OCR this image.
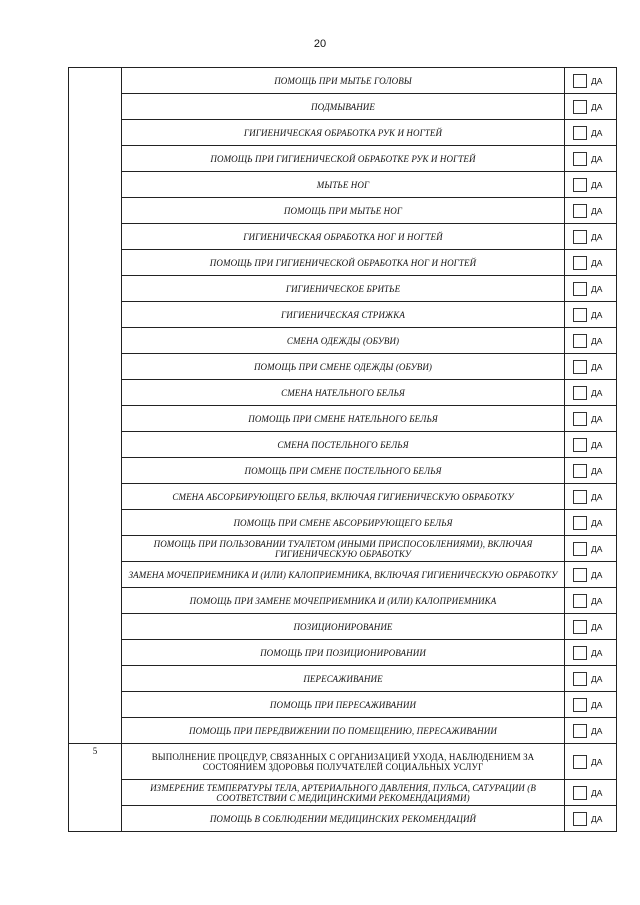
20
	ПОМОЩЬ ПРИ МЫТЬЕ ГОЛОВЫ	ДА

	ПОДМЫВАНИЕ	ДА

	ГИГИЕНИЧЕСКАЯ ОБРАБОТКА РУК И НОГТЕЙ	ДА

	ПОМОЩЬ ПРИ ГИГИЕНИЧЕСКОЙ ОБРАБОТКЕ РУК И НОГТЕЙ	ДА

	МЫТЬЕ НОГ	ДА

	ПОМОЩЬ ПРИ МЫТЬЕ НОГ	ДА

	ГИГИЕНИЧЕСКАЯ ОБРАБОТКА НОГ И НОГТЕЙ	ДА

	ПОМОЩЬ ПРИ ГИГИЕНИЧЕСКОЙ ОБРАБОТКА НОГ И НОГТЕЙ	ДА

	ГИГИЕНИЧЕСКОЕ БРИТЬЕ	ДА

	ГИГИЕНИЧЕСКАЯ СТРИЖКА	ДА

	СМЕНА ОДЕЖДЫ (ОБУВИ)	ДА

	ПОМОЩЬ ПРИ СМЕНЕ ОДЕЖДЫ (ОБУВИ)	ДА

	СМЕНА НАТЕЛЬНОГО БЕЛЬЯ	ДА

	ПОМОЩЬ ПРИ СМЕНЕ НАТЕЛЬНОГО БЕЛЬЯ	ДА

	СМЕНА ПОСТЕЛЬНОГО БЕЛЬЯ	ДА

	ПОМОЩЬ ПРИ СМЕНЕ ПОСТЕЛЬНОГО БЕЛЬЯ	ДА

	СМЕНА АБСОРБИРУЮЩЕГО БЕЛЬЯ, ВКЛЮЧАЯ ГИГИЕНИЧЕСКУЮ ОБРАБОТКУ	ДА

	ПОМОЩЬ ПРИ СМЕНЕ АБСОРБИРУЮЩЕГО БЕЛЬЯ	ДА

	ПОМОЩЬ ПРИ ПОЛЬЗОВАНИИ ТУАЛЕТОМ (ИНЫМИ ПРИСПОСОБЛЕНИЯМИ), ВКЛЮЧАЯ ГИГИЕНИЧЕСКУЮ ОБРАБОТКУ	ДА

	ЗАМЕНА МОЧЕПРИЕМНИКА И (ИЛИ) КАЛОПРИЕМНИКА, ВКЛЮЧАЯ ГИГИЕНИЧЕСКУЮ ОБРАБОТКУ	ДА

	ПОМОЩЬ ПРИ ЗАМЕНЕ МОЧЕПРИЕМНИКА И (ИЛИ) КАЛОПРИЕМНИКА	ДА

	ПОЗИЦИОНИРОВАНИЕ	ДА

	ПОМОЩЬ ПРИ ПОЗИЦИОНИРОВАНИИ	ДА

	ПЕРЕСАЖИВАНИЕ	ДА

	ПОМОЩЬ ПРИ ПЕРЕСАЖИВАНИИ	ДА

	ПОМОЩЬ ПРИ ПЕРЕДВИЖЕНИИ ПО ПОМЕЩЕНИЮ, ПЕРЕСАЖИВАНИИ	ДА

5	ВЫПОЛНЕНИЕ ПРОЦЕДУР, СВЯЗАННЫХ С ОРГАНИЗАЦИЕЙ УХОДА, НАБЛЮДЕНИЕМ ЗА СОСТОЯНИЕМ ЗДОРОВЬЯ ПОЛУЧАТЕЛЕЙ СОЦИАЛЬНЫХ УСЛУГ	ДА

	ИЗМЕРЕНИЕ ТЕМПЕРАТУРЫ ТЕЛА, АРТЕРИАЛЬНОГО ДАВЛЕНИЯ, ПУЛЬСА, САТУРАЦИИ (В СООТВЕТСТВИИ С МЕДИЦИНСКИМИ РЕКОМЕНДАЦИЯМИ)	ДА

	ПОМОЩЬ В СОБЛЮДЕНИИ МЕДИЦИНСКИХ РЕКОМЕНДАЦИЙ	ДА
